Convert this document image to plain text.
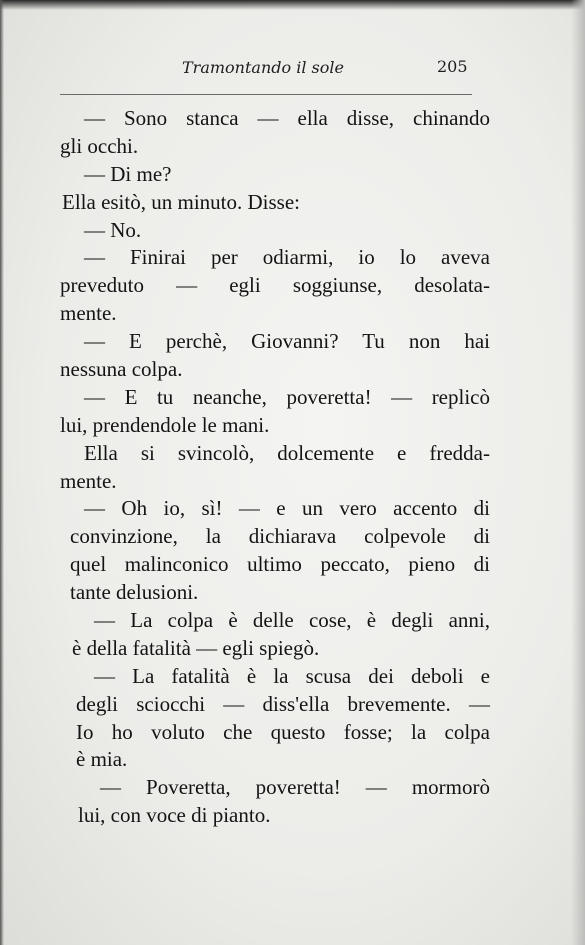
Tramontando il sole	205
— Sono stanca — ella disse, chinando
gli occhi.
— Di me?
Ella esitò, un minuto. Disse:
— No.
— Finirai per odiarmi, io lo aveva
preveduto — egli soggiunse, desolata-
mente.
— E perchè, Giovanni? Tu non hai
nessuna colpa.
— E tu neanche, poveretta! — replicò
lui, prendendole le mani.
Ella si svincolò, dolcemente e fredda-
mente.
— Oh io, sì! — e un vero accento di
convinzione, la dichiarava colpevole di
quel malinconico ultimo peccato, pieno di
tante delusioni.
— La colpa è delle cose, è degli anni,
è della fatalità — egli spiegò.
— La fatalità è la scusa dei deboli e
degli sciocchi — diss'ella brevemente. —
Io ho voluto che questo fosse; la colpa
è mia.
— Poveretta, poveretta! — mormorò
lui, con voce di pianto.
